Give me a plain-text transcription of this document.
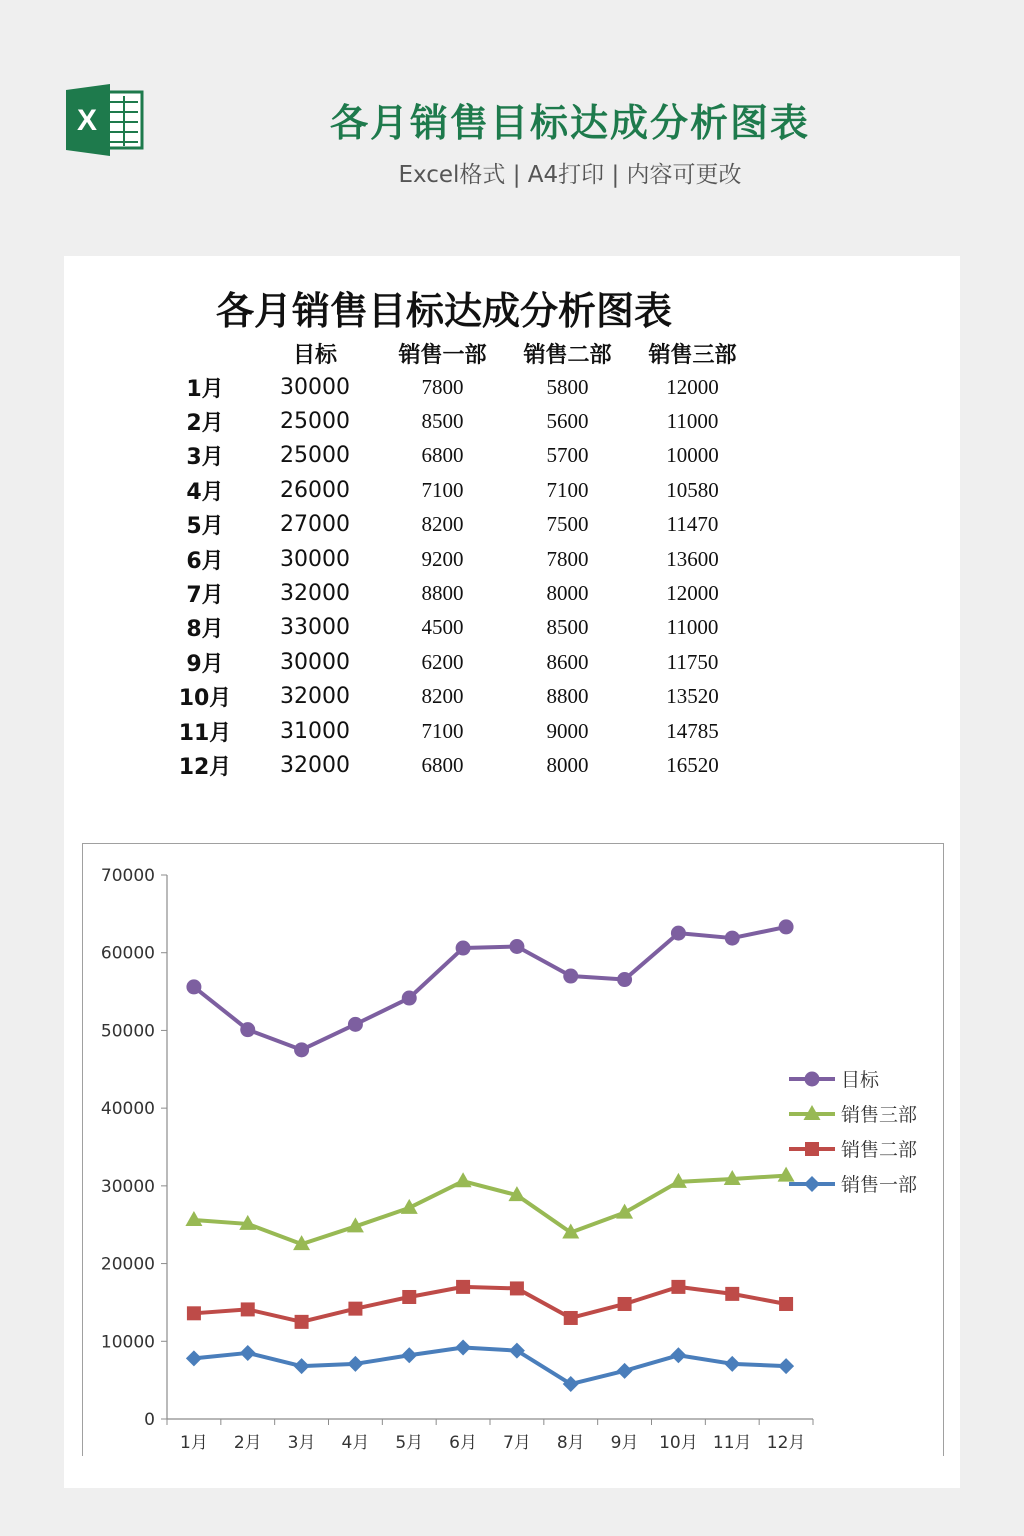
X	各月销售目标达成分析图表
Excel格式 | A4打印 | 内容可更改
各月销售目标达成分析图表
	目标	销售一部	销售二部	销售三部
1月	30000	7800	5800	12000
2月	25000	8500	5600	11000
3月	25000	6800	5700	10000
4月	26000	7100	7100	10580
5月	27000	8200	7500	11470
6月	30000	9200	7800	13600
7月	32000	8800	8000	12000
8月	33000	4500	8500	11000
9月	30000	6200	8600	11750
10月	32000	8200	8800	13520
11月	31000	7100	9000	14785
12月	32000	6800	8000	16520
0
10000
20000
30000
40000
50000
60000
70000
1月 2月 3月 4月 5月 6月 7月 8月 9月 10月 11月 12月
目标
销售三部
销售二部
销售一部
